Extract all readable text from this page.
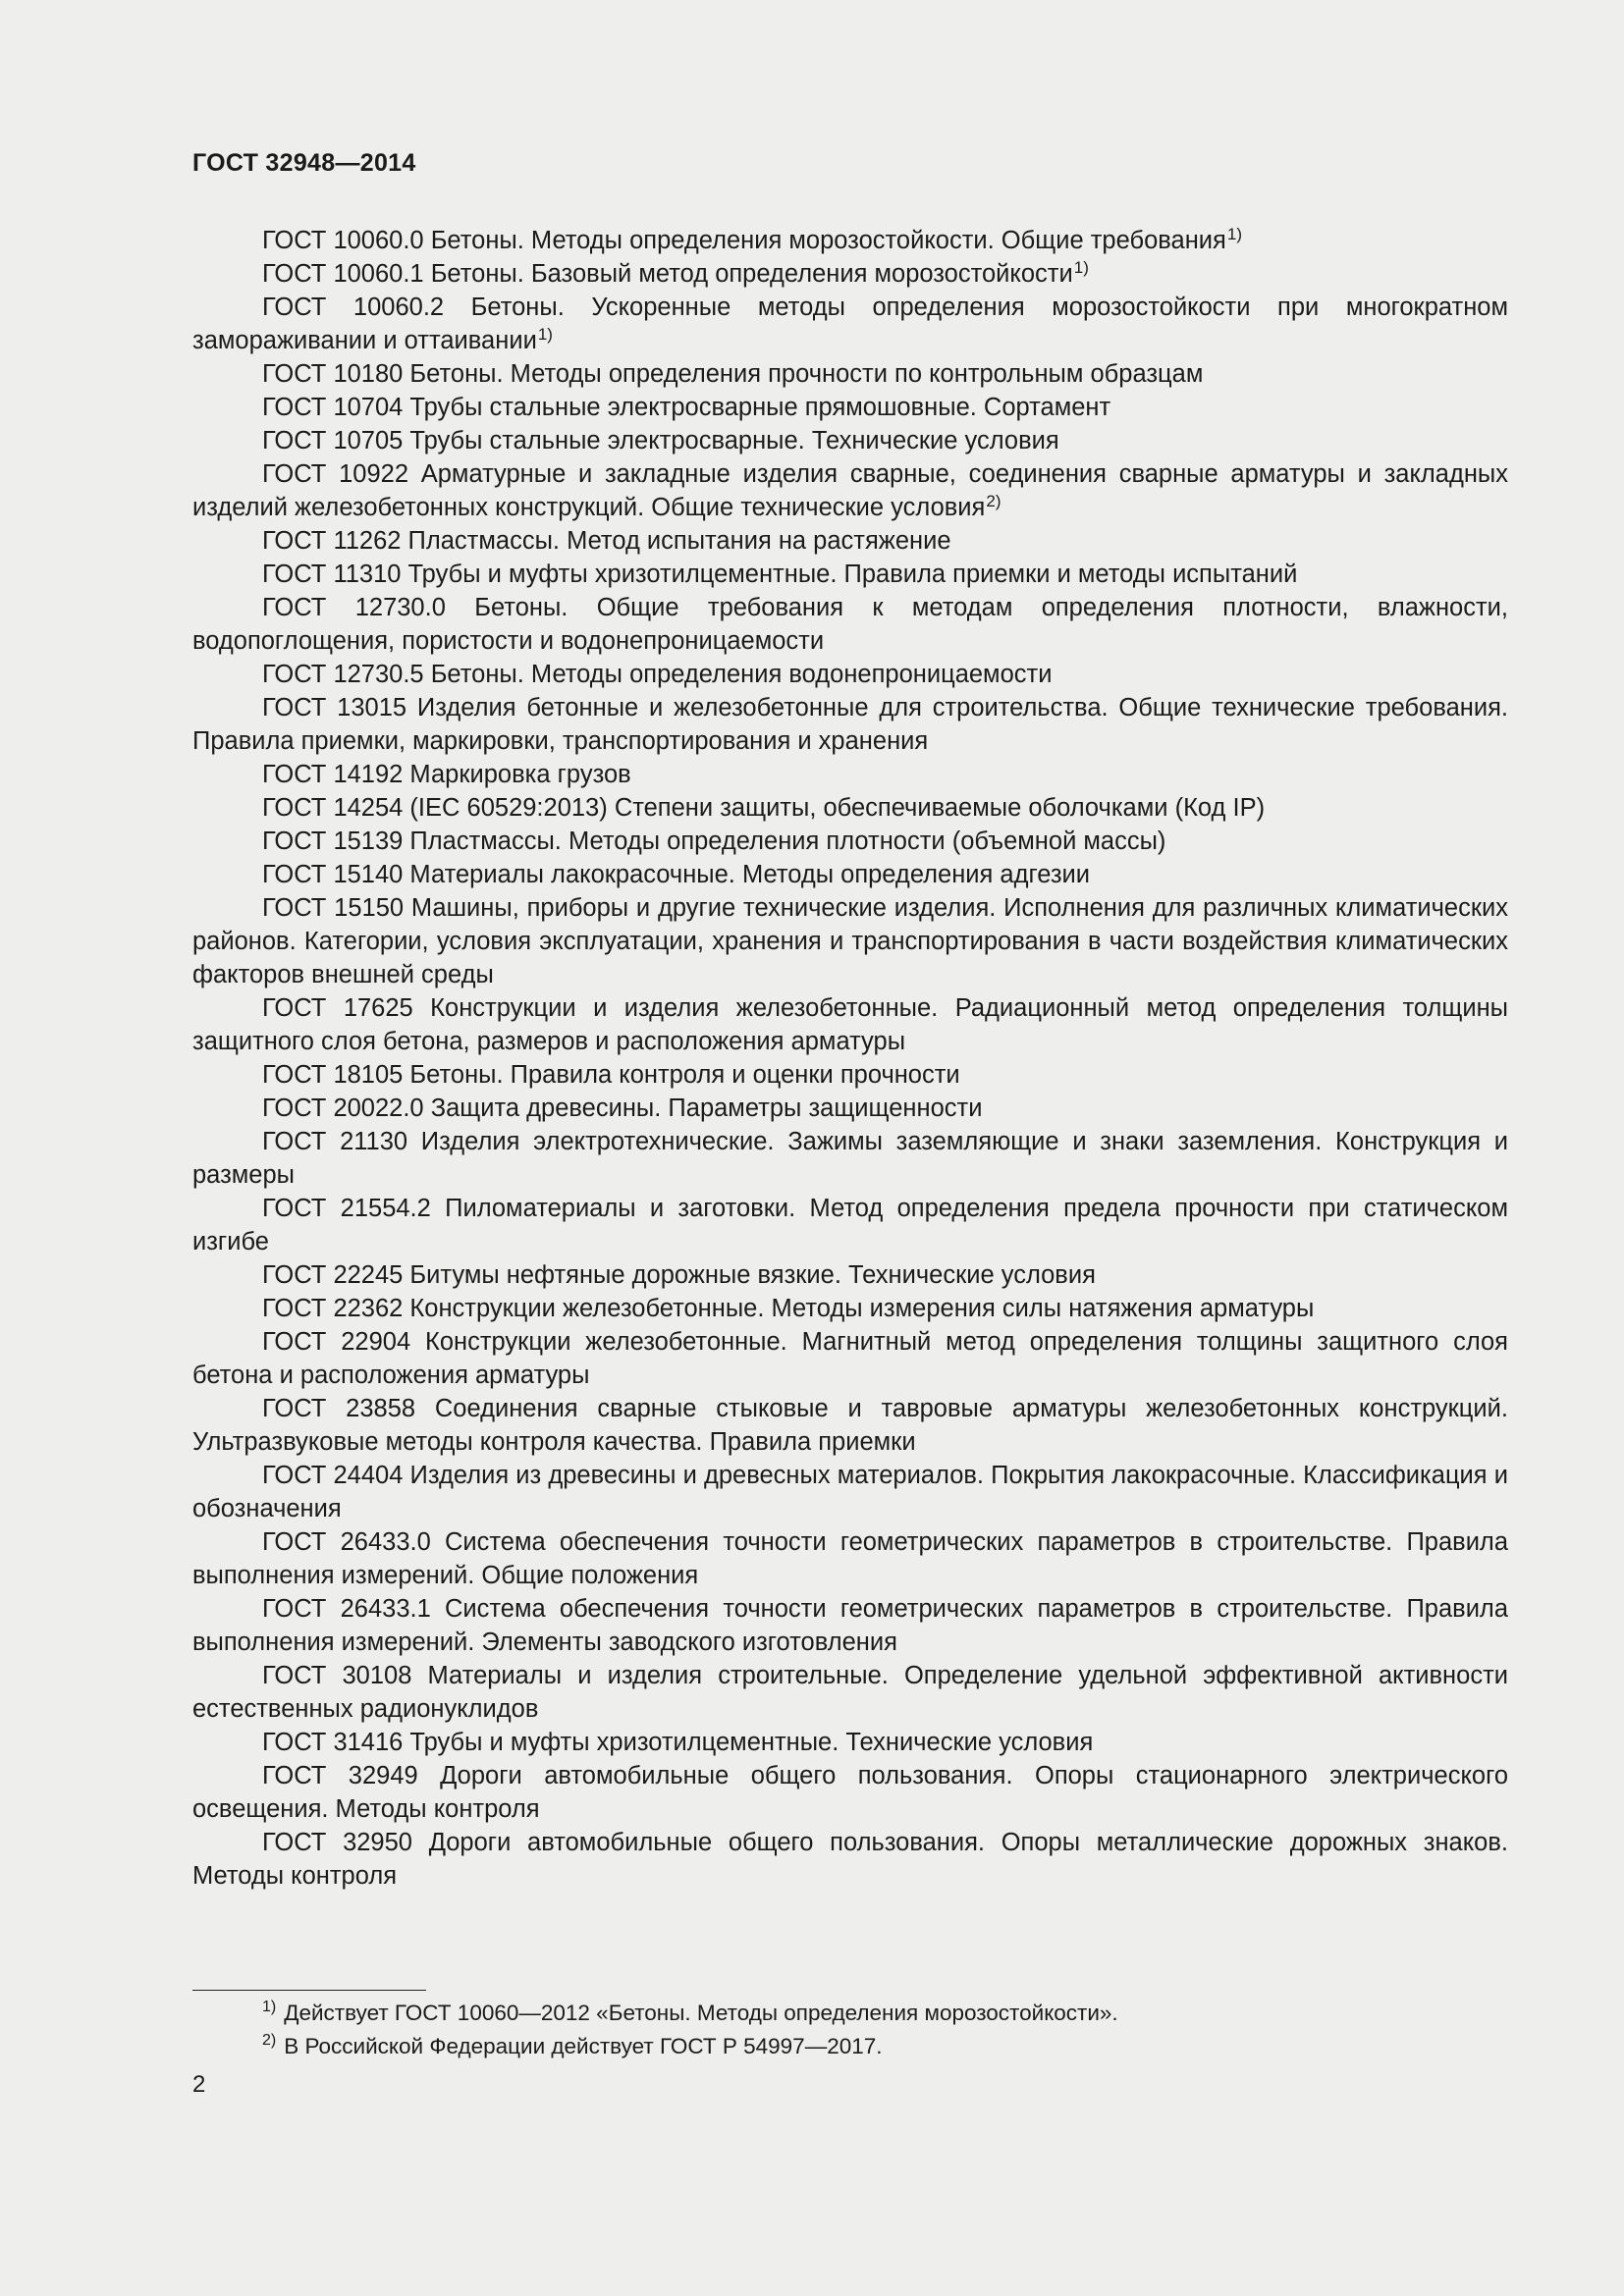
ГОСТ 32948—2014
ГОСТ 10060.0 Бетоны. Методы определения морозостойкости. Общие требования$^{1)}$
ГОСТ 10060.1 Бетоны. Базовый метод определения морозостойкости$^{1)}$
ГОСТ 10060.2 Бетоны. Ускоренные методы определения морозостойкости при многократном замораживании и оттаивании$^{1)}$
ГОСТ 10180 Бетоны. Методы определения прочности по контрольным образцам
ГОСТ 10704 Трубы стальные электросварные прямошовные. Сортамент
ГОСТ 10705 Трубы стальные электросварные. Технические условия
ГОСТ 10922 Арматурные и закладные изделия сварные, соединения сварные арматуры и закладных изделий железобетонных конструкций. Общие технические условия$^{2)}$
ГОСТ 11262 Пластмассы. Метод испытания на растяжение
ГОСТ 11310 Трубы и муфты хризотилцементные. Правила приемки и методы испытаний
ГОСТ 12730.0 Бетоны. Общие требования к методам определения плотности, влажности, водопоглощения, пористости и водонепроницаемости
ГОСТ 12730.5 Бетоны. Методы определения водонепроницаемости
ГОСТ 13015 Изделия бетонные и железобетонные для строительства. Общие технические требования. Правила приемки, маркировки, транспортирования и хранения
ГОСТ 14192 Маркировка грузов
ГОСТ 14254 (IEC 60529:2013) Степени защиты, обеспечиваемые оболочками (Код IP)
ГОСТ 15139 Пластмассы. Методы определения плотности (объемной массы)
ГОСТ 15140 Материалы лакокрасочные. Методы определения адгезии
ГОСТ 15150 Машины, приборы и другие технические изделия. Исполнения для различных климатических районов. Категории, условия эксплуатации, хранения и транспортирования в части воздействия климатических факторов внешней среды
ГОСТ 17625 Конструкции и изделия железобетонные. Радиационный метод определения толщины защитного слоя бетона, размеров и расположения арматуры
ГОСТ 18105 Бетоны. Правила контроля и оценки прочности
ГОСТ 20022.0 Защита древесины. Параметры защищенности
ГОСТ 21130 Изделия электротехнические. Зажимы заземляющие и знаки заземления. Конструкция и размеры
ГОСТ 21554.2 Пиломатериалы и заготовки. Метод определения предела прочности при статическом изгибе
ГОСТ 22245 Битумы нефтяные дорожные вязкие. Технические условия
ГОСТ 22362 Конструкции железобетонные. Методы измерения силы натяжения арматуры
ГОСТ 22904 Конструкции железобетонные. Магнитный метод определения толщины защитного слоя бетона и расположения арматуры
ГОСТ 23858 Соединения сварные стыковые и тавровые арматуры железобетонных конструкций. Ультразвуковые методы контроля качества. Правила приемки
ГОСТ 24404 Изделия из древесины и древесных материалов. Покрытия лакокрасочные. Классификация и обозначения
ГОСТ 26433.0 Система обеспечения точности геометрических параметров в строительстве. Правила выполнения измерений. Общие положения
ГОСТ 26433.1 Система обеспечения точности геометрических параметров в строительстве. Правила выполнения измерений. Элементы заводского изготовления
ГОСТ 30108 Материалы и изделия строительные. Определение удельной эффективной активности естественных радионуклидов
ГОСТ 31416 Трубы и муфты хризотилцементные. Технические условия
ГОСТ 32949 Дороги автомобильные общего пользования. Опоры стационарного электрического освещения. Методы контроля
ГОСТ 32950 Дороги автомобильные общего пользования. Опоры металлические дорожных знаков. Методы контроля
$^{1)}$ Действует ГОСТ 10060—2012 «Бетоны. Методы определения морозостойкости».
$^{2)}$ В Российской Федерации действует ГОСТ Р 54997—2017.
2
